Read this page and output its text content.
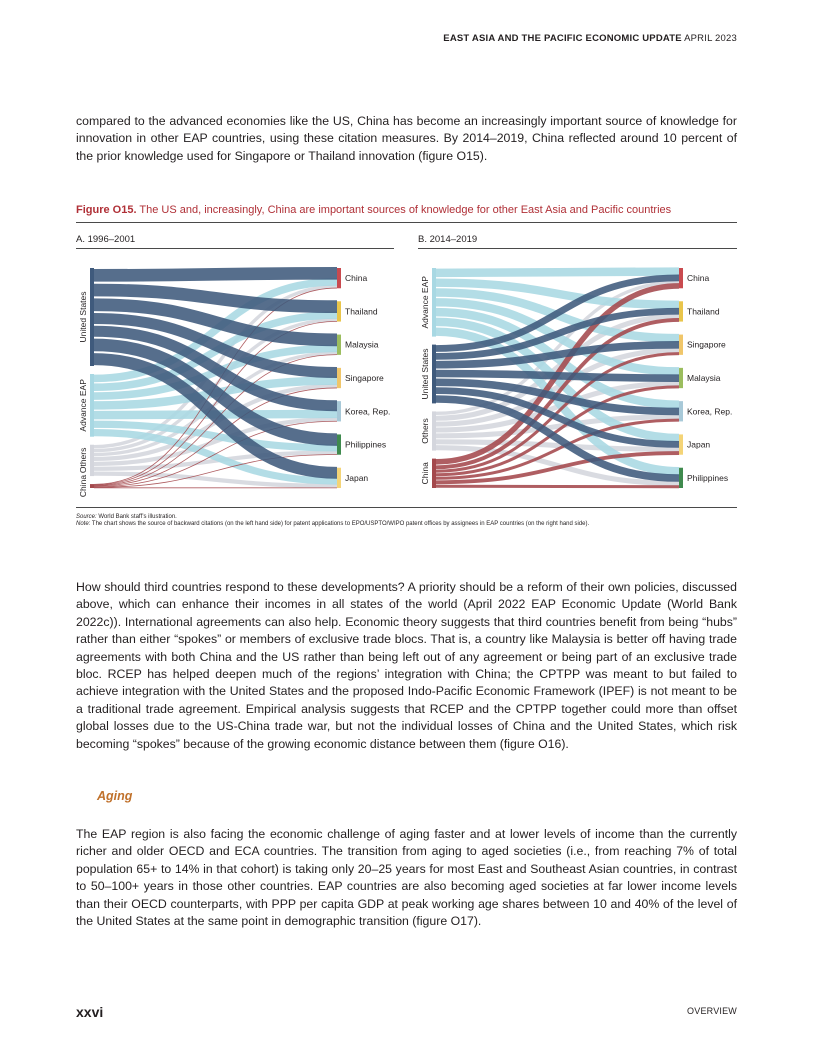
EAST ASIA AND THE PACIFIC ECONOMIC UPDATE APRIL 2023

compared to the advanced economies like the US, China has become an increasingly important source of knowledge for innovation in other EAP countries, using these citation measures. By 2014–2019, China reflected around 10 percent of the prior knowledge used for Singapore or Thailand innovation (figure O15).

Figure O15. The US and, increasingly, China are important sources of knowledge for other East Asia and Pacific countries
A. 1996–2001	B. 2014–2019
United States
Advance EAP
Others
China
China
Thailand
Malaysia
Singapore
Korea, Rep.
Philippines
Japan
Advance EAP
United States
Others
China
China
Thailand
Singapore
Malaysia
Korea, Rep.
Japan
Philippines
Source: World Bank staff’s illustration.
Note: The chart shows the source of backward citations (on the left hand side) for patent applications to EPO/USPTO/WIPO patent offices by assignees in EAP countries (on the right hand side).

How should third countries respond to these developments? A priority should be a reform of their own policies, discussed above, which can enhance their incomes in all states of the world (April 2022 EAP Economic Update (World Bank 2022c)). International agreements can also help. Economic theory suggests that third countries benefit from being “hubs” rather than either “spokes” or members of exclusive trade blocs. That is, a country like Malaysia is better off having trade agreements with both China and the US rather than being left out of any agreement or being part of an exclusive trade bloc. RCEP has helped deepen much of the regions’ integration with China; the CPTPP was meant to but failed to achieve integration with the United States and the proposed Indo-Pacific Economic Framework (IPEF) is not meant to be a traditional trade agreement. Empirical analysis suggests that RCEP and the CPTPP together could more than offset global losses due to the US-China trade war, but not the individual losses of China and the United States, which risk becoming “spokes” because of the growing economic distance between them (figure O16).

Aging

The EAP region is also facing the economic challenge of aging faster and at lower levels of income than the currently richer and older OECD and ECA countries. The transition from aging to aged societies (i.e., from reaching 7% of total population 65+ to 14% in that cohort) is taking only 20–25 years for most East and Southeast Asian countries, in contrast to 50–100+ years in those other countries. EAP countries are also becoming aged societies at far lower income levels than their OECD counterparts, with PPP per capita GDP at peak working age shares between 10 and 40% of the level of the United States at the same point in demographic transition (figure O17).

xxvi	OVERVIEW
